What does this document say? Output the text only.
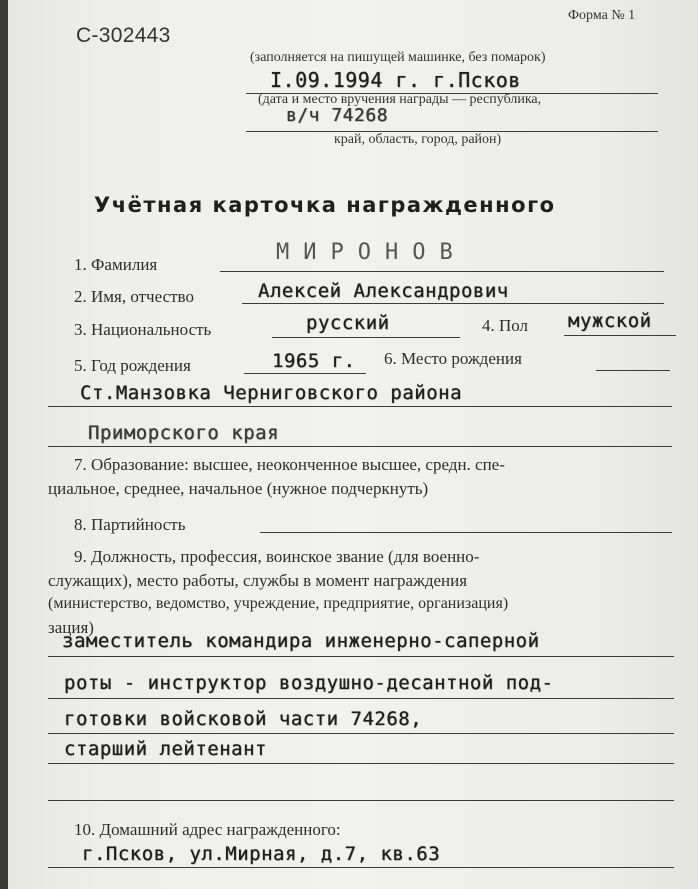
С-302443
Форма № 1
(заполняется на пишущей машинке, без помарок)
I.09.1994 г. г.Псков
(дата и место вручения награды — республика,
в/ч 74268
край, область, город, район)
Учётная карточка награжденного
1. Фамилия	МИРОНОВ
2. Имя, отчество	Алексей Александрович
3. Национальность	русский	4. Пол мужской
5. Год рождения	1965 г. 6. Место рождения
Ст.Манзовка Черниговского района
Приморского края
7. Образование: высшее, неоконченное высшее, средн. спе-
циальное, среднее, начальное (нужное подчеркнуть)
8. Партийность
9. Должность, профессия, воинское звание (для военно-
служащих), место работы, службы в момент награждения
(министерство, ведомство, учреждение, предприятие, организация)
зация)
заместитель командира инженерно-саперной
роты - инструктор воздушно-десантной под-
готовки войсковой части 74268,
старший лейтенант
10. Домашний адрес награжденного:
г.Псков, ул.Мирная, д.7, кв.63
